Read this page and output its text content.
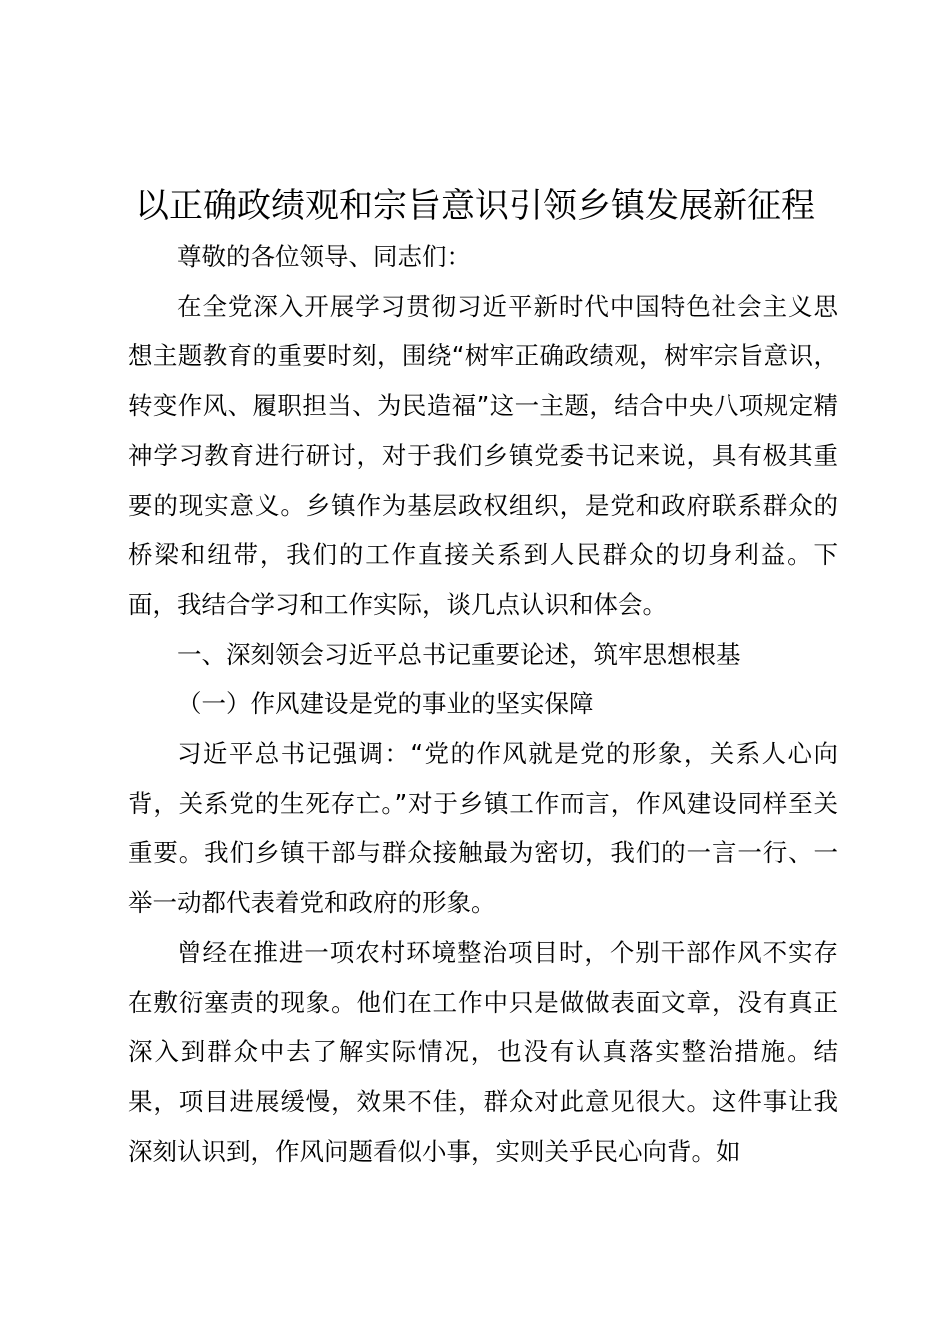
以正确政绩观和宗旨意识引领乡镇发展新征程

尊敬的各位领导、同志们：

在全党深入开展学习贯彻习近平新时代中国特色社会主义思想主题教育的重要时刻，围绕“树牢正确政绩观，树牢宗旨意识，转变作风、履职担当、为民造福”这一主题，结合中央八项规定精神学习教育进行研讨，对于我们乡镇党委书记来说，具有极其重要的现实意义。乡镇作为基层政权组织，是党和政府联系群众的桥梁和纽带，我们的工作直接关系到人民群众的切身利益。下面，我结合学习和工作实际，谈几点认识和体会。

一、深刻领会习近平总书记重要论述，筑牢思想根基

（一）作风建设是党的事业的坚实保障

习近平总书记强调：“党的作风就是党的形象，关系人心向背，关系党的生死存亡。”对于乡镇工作而言，作风建设同样至关重要。我们乡镇干部与群众接触最为密切，我们的一言一行、一举一动都代表着党和政府的形象。

曾经在推进一项农村环境整治项目时，个别干部作风不实存在敷衍塞责的现象。他们在工作中只是做做表面文章，没有真正深入到群众中去了解实际情况，也没有认真落实整治措施。结果，项目进展缓慢，效果不佳，群众对此意见很大。这件事让我深刻认识到，作风问题看似小事，实则关乎民心向背。如
